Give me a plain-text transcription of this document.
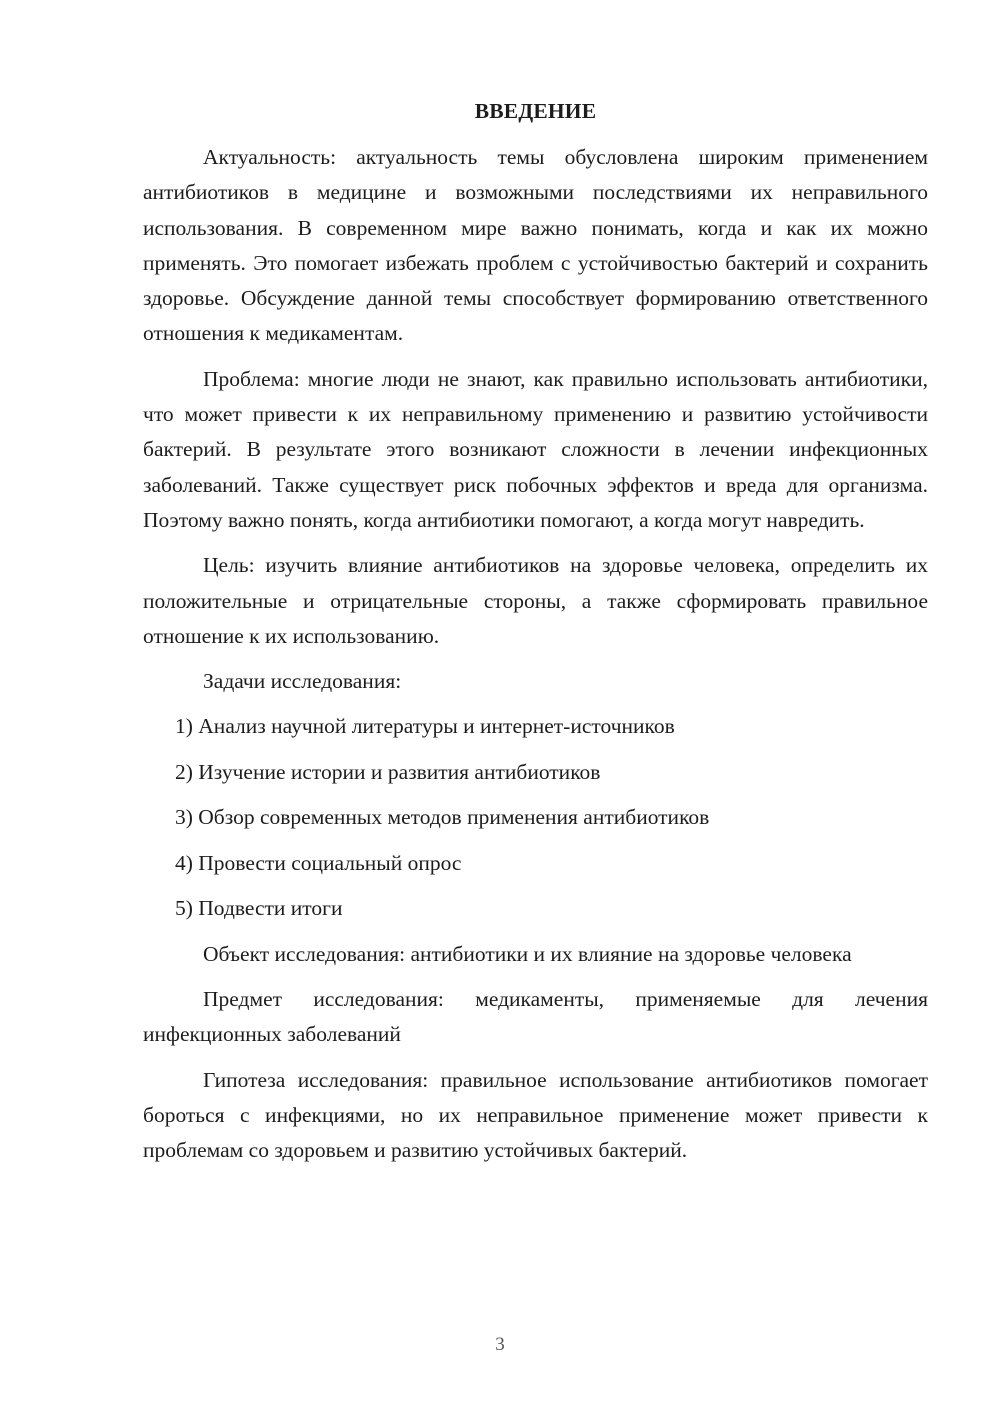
ВВЕДЕНИЕ

Актуальность: актуальность темы обусловлена широким применением антибиотиков в медицине и возможными последствиями их неправильного использования. В современном мире важно понимать, когда и как их можно применять. Это помогает избежать проблем с устойчивостью бактерий и сохранить здоровье. Обсуждение данной темы способствует формированию ответственного отношения к медикаментам.

Проблема: многие люди не знают, как правильно использовать антибиотики, что может привести к их неправильному применению и развитию устойчивости бактерий. В результате этого возникают сложности в лечении инфекционных заболеваний. Также существует риск побочных эффектов и вреда для организма. Поэтому важно понять, когда антибиотики помогают, а когда могут навредить.

Цель: изучить влияние антибиотиков на здоровье человека, определить их положительные и отрицательные стороны, а также сформировать правильное отношение к их использованию.

Задачи исследования:
1) Анализ научной литературы и интернет-источников
2) Изучение истории и развития антибиотиков
3) Обзор современных методов применения антибиотиков
4) Провести социальный опрос
5) Подвести итоги

Объект исследования: антибиотики и их влияние на здоровье человека

Предмет исследования: медикаменты, применяемые для лечения инфекционных заболеваний

Гипотеза исследования: правильное использование антибиотиков помогает бороться с инфекциями, но их неправильное применение может привести к проблемам со здоровьем и развитию устойчивых бактерий.

3
